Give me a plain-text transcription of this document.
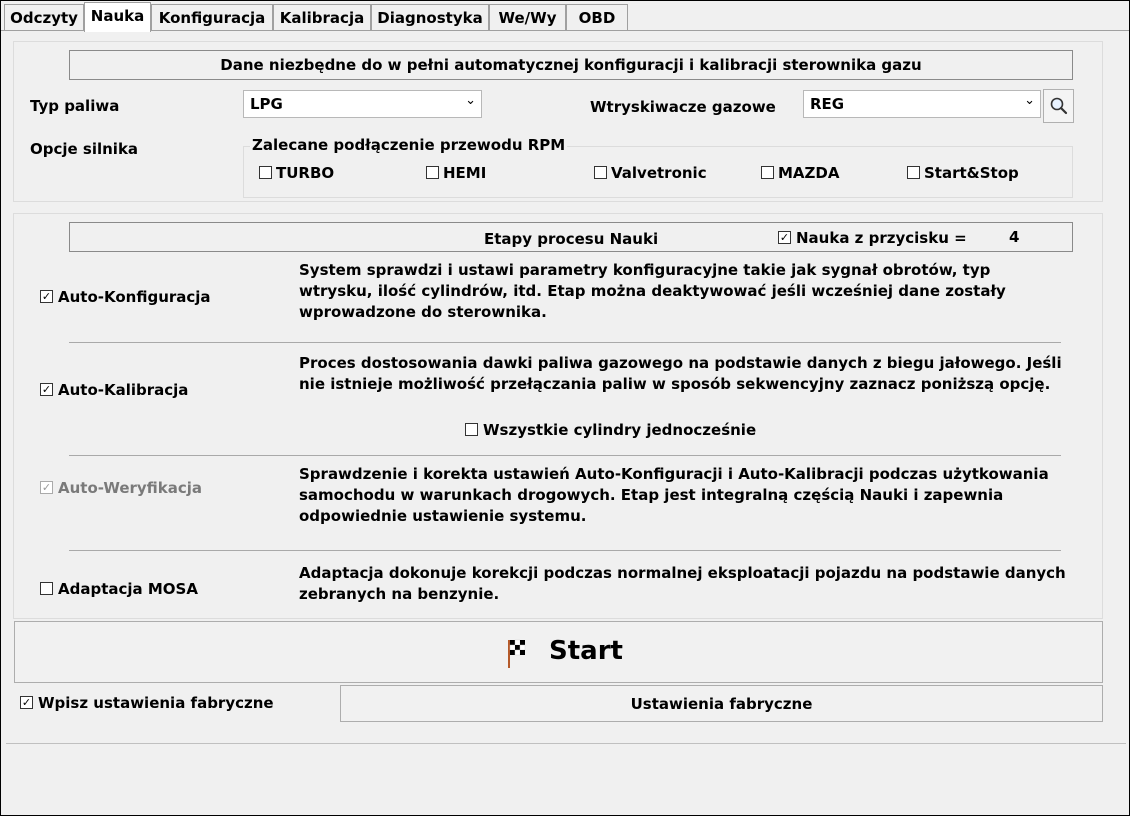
Odczyty Nauka Konfiguracja Kalibracja Diagnostyka	We/Wy	OBD
Dane niezbędne do w pełni automatycznej konfiguracji i kalibracji sterownika gazu
Typ paliwa	LPG	⌄	Wtryskiwacze gazowe	REG	⌄
Opcje silnika	Zalecane podłączenie przewodu RPM
TURBO	HEMI	Valvetronic	MAZDA	Start&Stop
Etapy procesu Nauki	✓ Nauka z przycisku =	4
✓ Auto-Konfiguracja
System sprawdzi i ustawi parametry konfiguracyjne takie jak sygnał obrotów, typ wtrysku, ilość cylindrów, itd. Etap można deaktywować jeśli wcześniej dane zostały wprowadzone do sterownika.
✓ Auto-Kalibracja
Proces dostosowania dawki paliwa gazowego na podstawie danych z biegu jałowego. Jeśli nie istnieje możliwość przełączania paliw w sposób sekwencyjny zaznacz poniższą opcję.
Wszystkie cylindry jednocześnie
✓ Auto-Weryfikacja
Sprawdzenie i korekta ustawień Auto-Konfiguracji i Auto-Kalibracji podczas użytkowania samochodu w warunkach drogowych. Etap jest integralną częścią Nauki i zapewnia odpowiednie ustawienie systemu.
Adaptacja MOSA
Adaptacja dokonuje korekcji podczas normalnej eksploatacji pojazdu na podstawie danych zebranych na benzynie.
Start
✓ Wpisz ustawienia fabryczne	Ustawienia fabryczne
